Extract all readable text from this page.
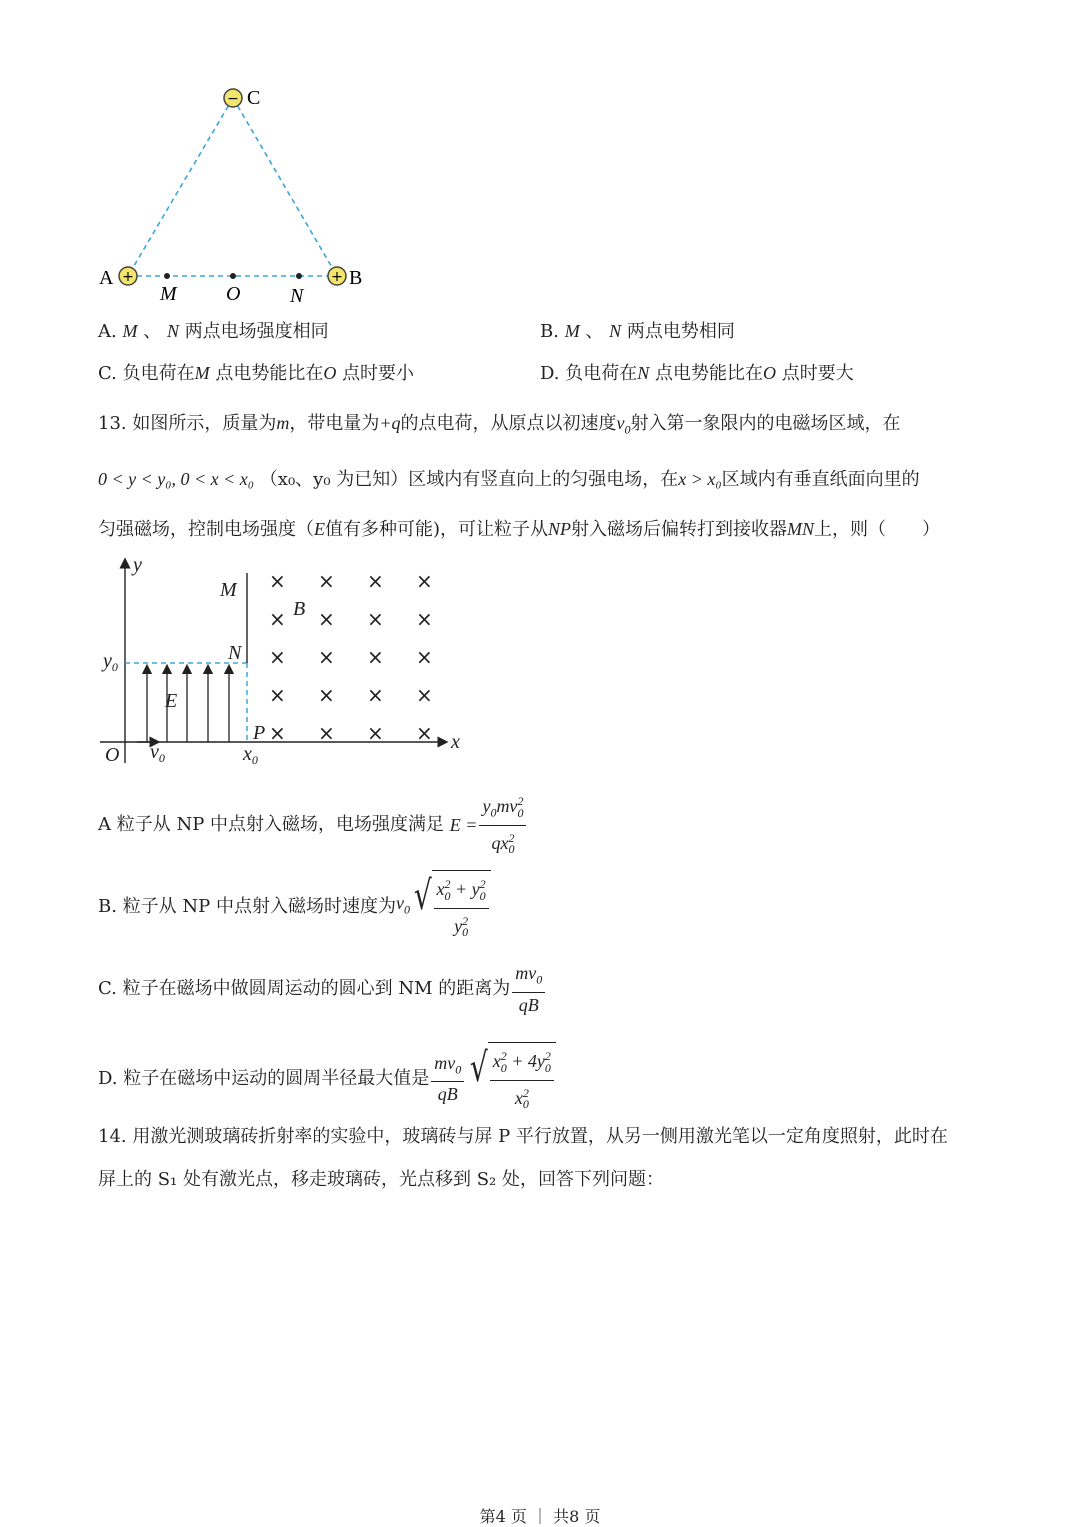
−
+	+
C
A	B
M O N
A. M 、 N 两点电场强度相同	B. M 、 N 两点电势相同
C. 负电荷在M 点电势能比在O 点时要小	D. 负电荷在N 点电势能比在O 点时要大
13. 如图所示，质量为m，带电量为+q的点电荷，从原点以初速度$v_0$射入第一象限内的电磁场区域，在
0 < y < y₀, 0 < x < x₀ （x₀、y₀ 为已知）区域内有竖直向上的匀强电场，在x > x₀区域内有垂直纸面向里的
匀强磁场，控制电场强度（E值有多种可能)，可让粒子从NP射入磁场后偏转打到接收器MN上，则（　　）
× × × ×
× × × ×
× × × ×
× × × ×
× × × ×
y
x
O
M
N
P
B
E
$y_0$
$x_0$
$v_0$
A
粒子从 NP 中点射入磁场，电场强度满足
$E = \frac{y_0mv^2_0}{qx^2_0}$
B.
粒子从 NP 中点射入磁场时速度为 $v_0$ √ $\frac{x^2_0 + y^2_0}{y^2_0}$
C.
粒子在磁场中做圆周运动的圆心到 NM 的距离为 $\frac{mv_0}{qB}$
D.
粒子在磁场中运动的圆周半径最大值是 $\frac{mv_0}{qB}$ √ $\frac{x^2_0 + 4y^2_0}{x^2_0}$
14. 用激光测玻璃砖折射率的实验中，玻璃砖与屏 P 平行放置，从另一侧用激光笔以一定角度照射，此时在
屏上的 S₁ 处有激光点，移走玻璃砖，光点移到 S₂ 处，回答下列问题：
第4 页 ｜ 共8 页
